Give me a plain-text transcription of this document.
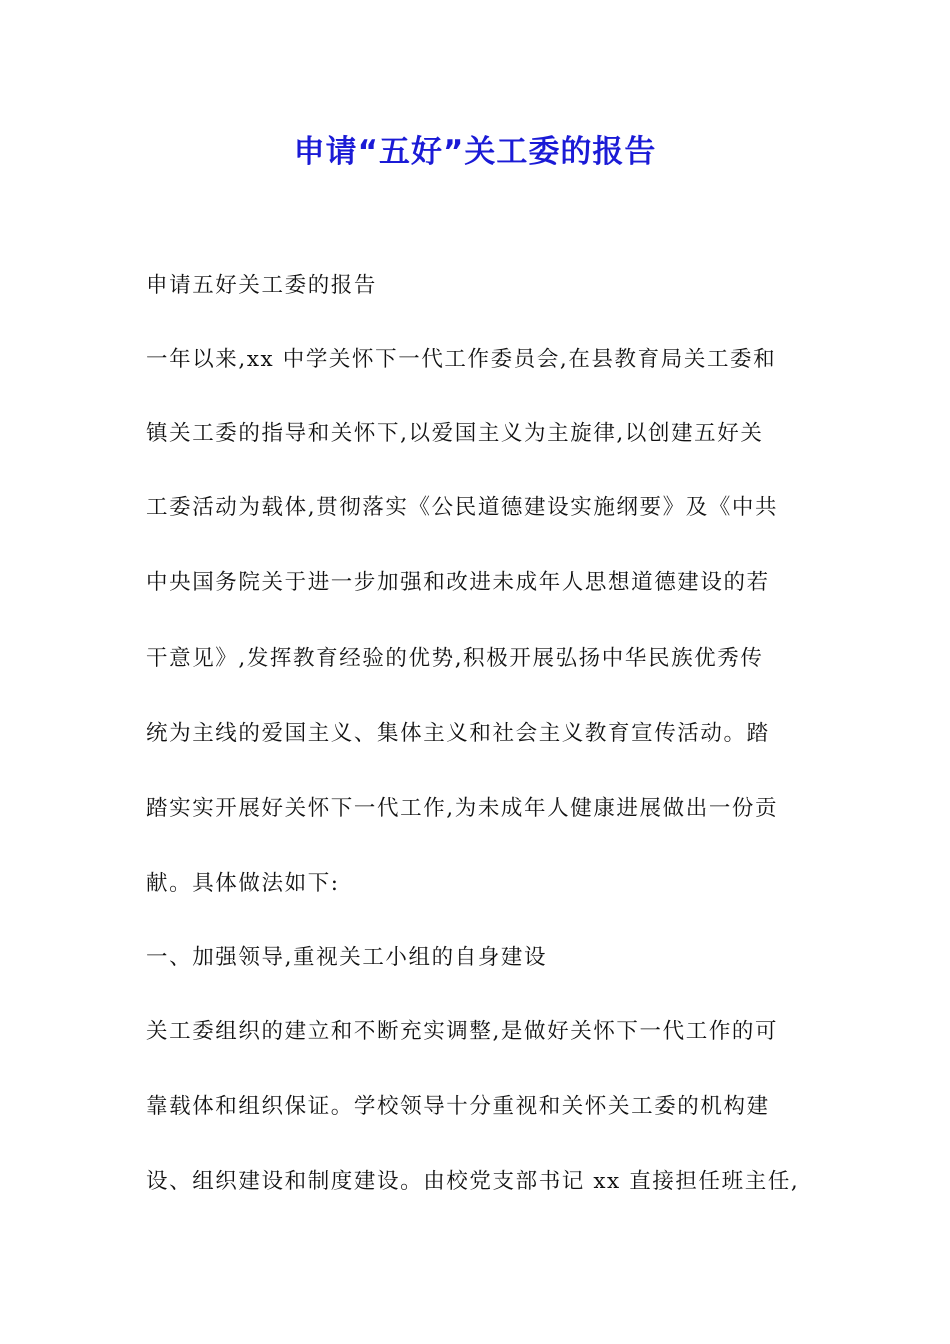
申请“五好”关工委的报告
申请五好关工委的报告
一年以来,xx 中学关怀下一代工作委员会,在县教育局关工委和
镇关工委的指导和关怀下,以爱国主义为主旋律,以创建五好关
工委活动为载体,贯彻落实《公民道德建设实施纲要》及《中共
中央国务院关于进一步加强和改进未成年人思想道德建设的若
干意见》,发挥教育经验的优势,积极开展弘扬中华民族优秀传
统为主线的爱国主义、集体主义和社会主义教育宣传活动。踏
踏实实开展好关怀下一代工作,为未成年人健康进展做出一份贡
献。具体做法如下:
一、加强领导,重视关工小组的自身建设
关工委组织的建立和不断充实调整,是做好关怀下一代工作的可
靠载体和组织保证。学校领导十分重视和关怀关工委的机构建
设、组织建设和制度建设。由校党支部书记 xx 直接担任班主任,
